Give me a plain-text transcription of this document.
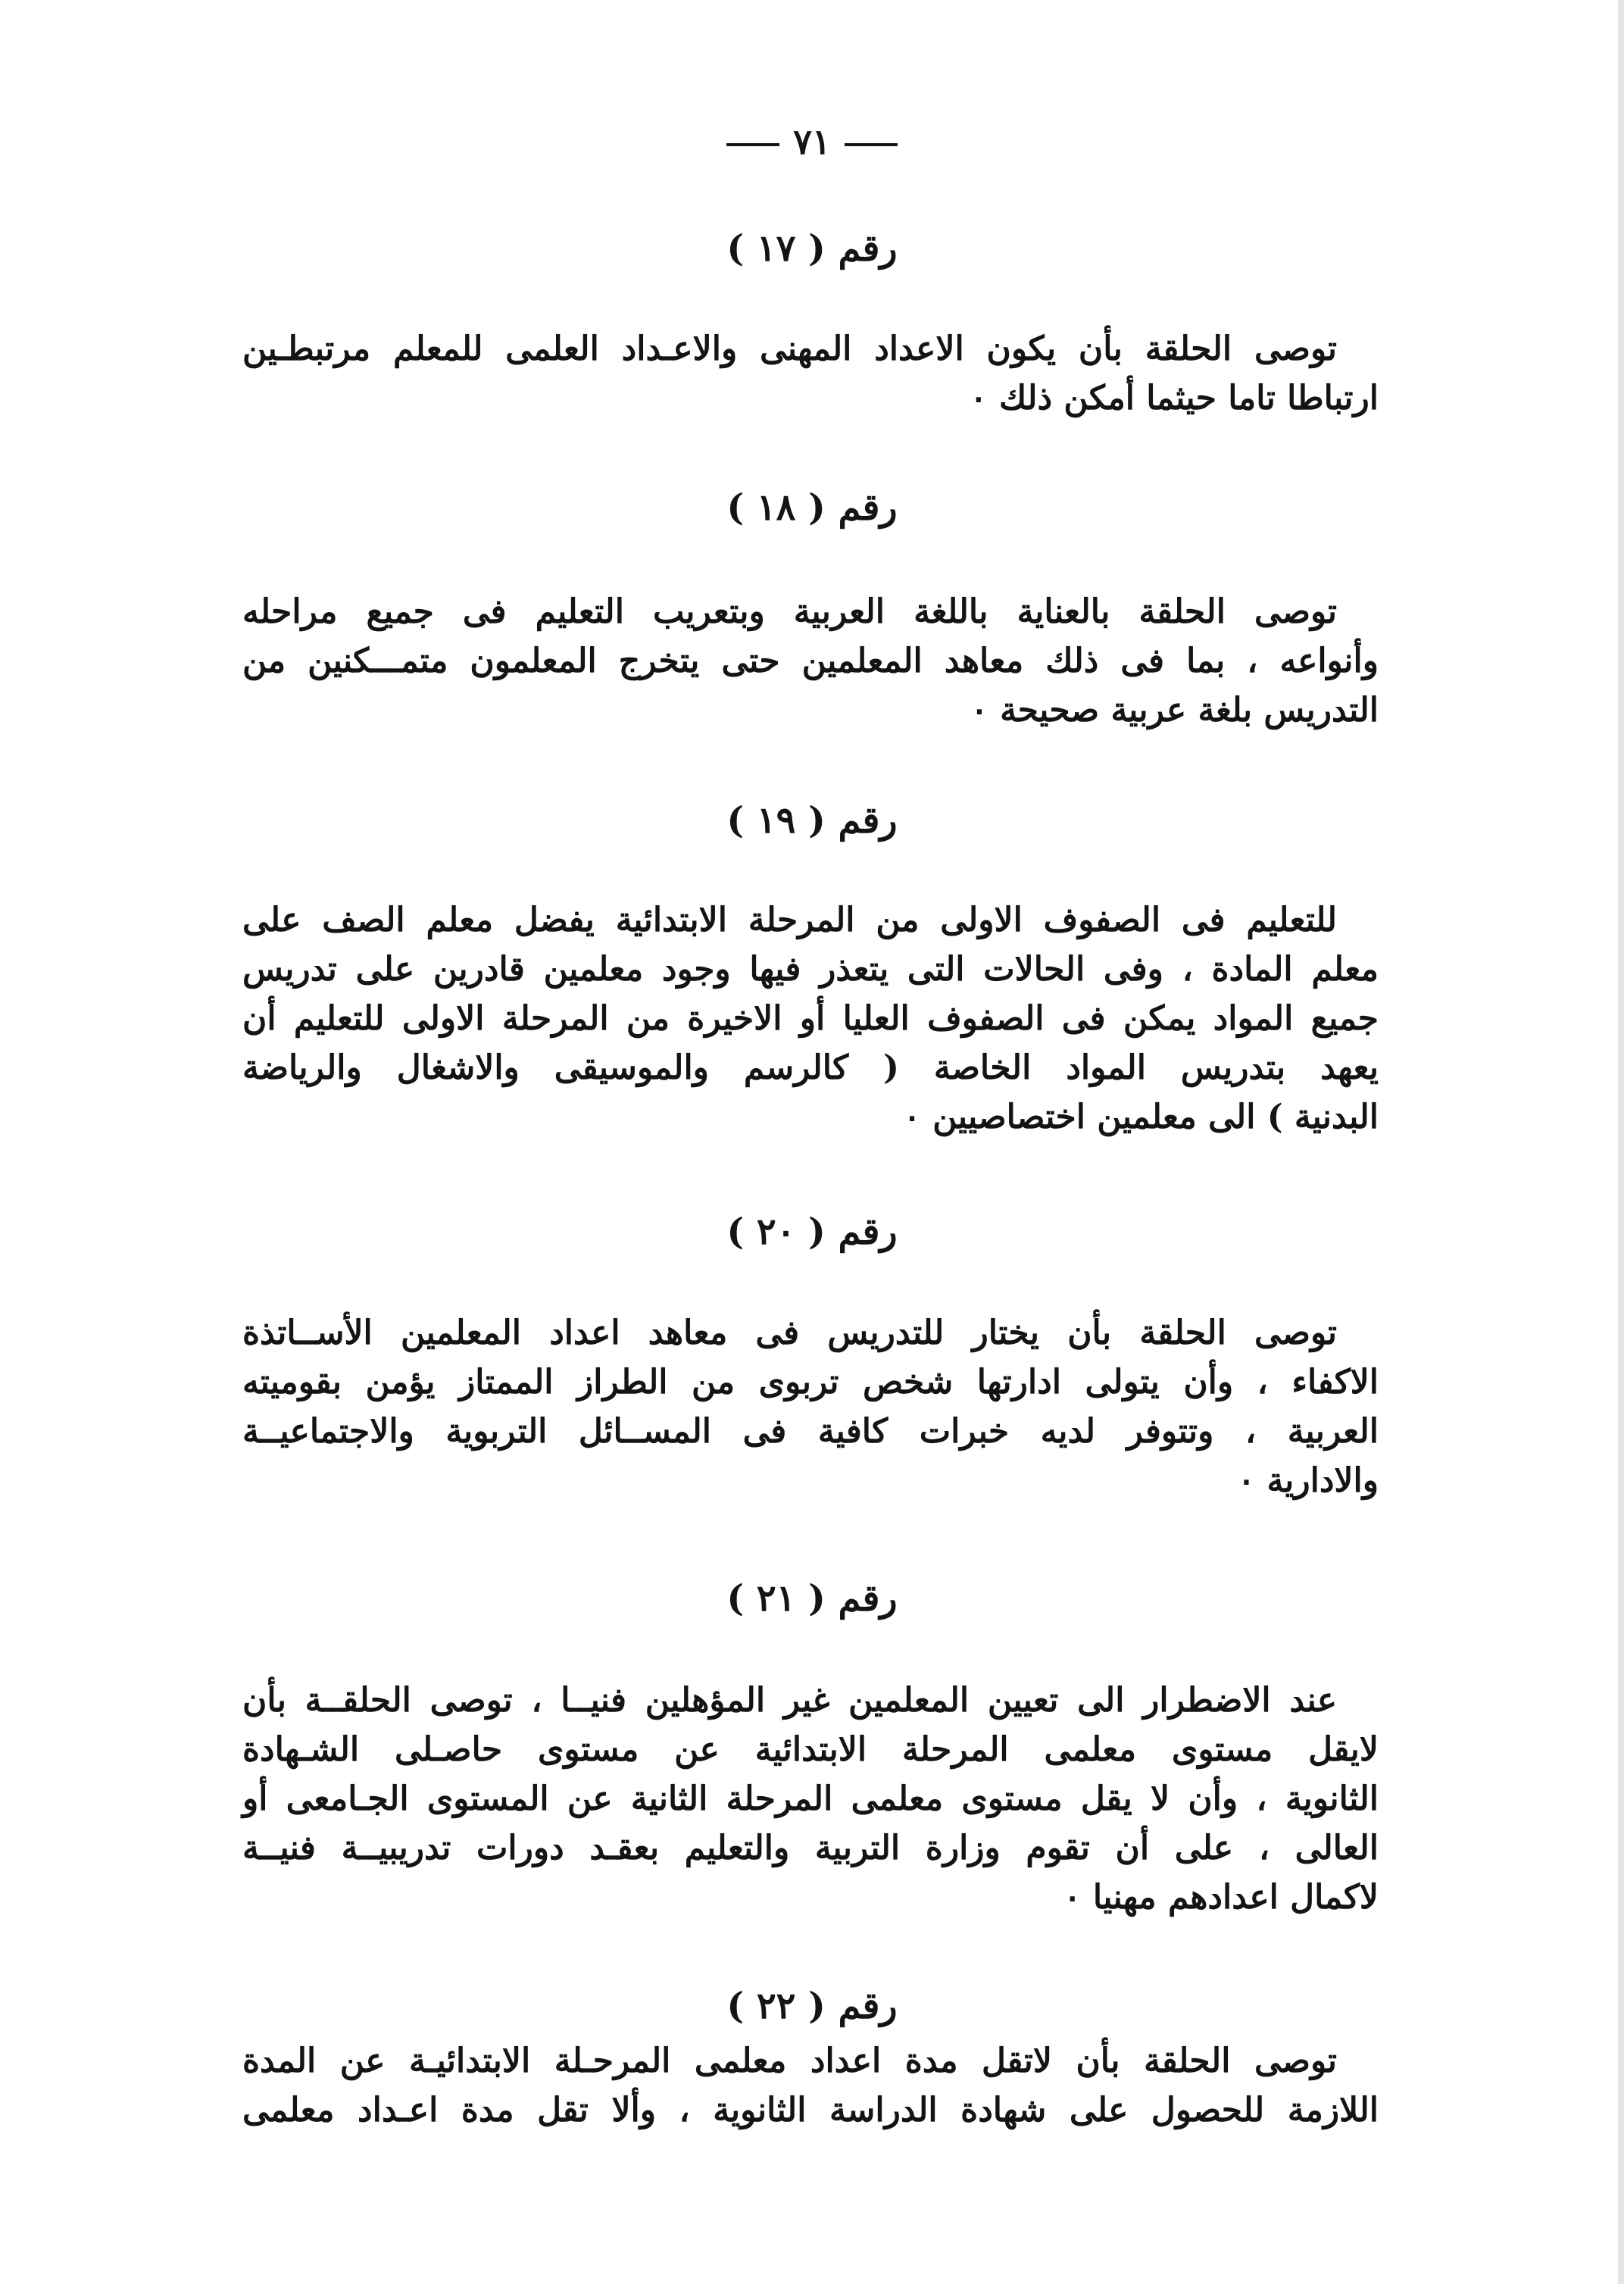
٧١
رقم ( ١٧ )
توصى الحلقة بأن يكون الاعداد المهنى والاعـداد العلمى للمعلم مرتبطـين
ارتباطا تاما حيثما أمكن ذلك ٠
رقم ( ١٨ )
توصى الحلقة بالعناية باللغة العربية وبتعريب التعليم فى جميع مراحله
وأنواعه ، بما فى ذلك معاهد المعلمين حتى يتخرج المعلمون متمـــكنين من
التدريس بلغة عربية صحيحة ٠
رقم ( ١٩ )
للتعليم فى الصفوف الاولى من المرحلة الابتدائية يفضل معلم الصف على
معلم المادة ، وفى الحالات التى يتعذر فيها وجود معلمين قادرين على تدريس
جميع المواد يمكن فى الصفوف العليا أو الاخيرة من المرحلة الاولى للتعليم أن
يعهد بتدريس المواد الخاصة ( كالرسم والموسيقى والاشغال والرياضة
البدنية ) الى معلمين اختصاصيين ٠
رقم ( ٢٠ )
توصى الحلقة بأن يختار للتدريس فى معاهد اعداد المعلمين الأســاتذة
الاكفاء ، وأن يتولى ادارتها شخص تربوى من الطراز الممتاز يؤمن بقوميته
العربية ، وتتوفر لديه خبرات كافية فى المســائل التربوية والاجتماعيــة
والادارية ٠
رقم ( ٢١ )
عند الاضطرار الى تعيين المعلمين غير المؤهلين فنيــا ، توصى الحلقــة بأن
لايقل مستوى معلمى المرحلة الابتدائية عن مستوى حاصـلى الشـهادة
الثانوية ، وأن لا يقل مستوى معلمى المرحلة الثانية عن المستوى الجـامعى أو
العالى ، على أن تقوم وزارة التربية والتعليم بعقـد دورات تدريبيــة فنيــة
لاكمال اعدادهم مهنيا ٠
رقم ( ٢٢ )
توصى الحلقة بأن لاتقل مدة اعداد معلمى المرحـلة الابتدائيـة عن المدة
اللازمة للحصول على شهادة الدراسة الثانوية ، وألا تقل مدة اعـداد معلمى
